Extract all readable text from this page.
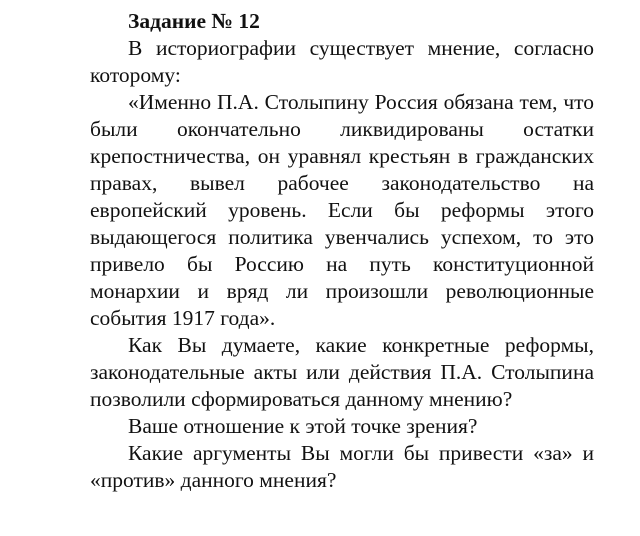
Задание № 12

В историографии существует мнение, согласно которому:

«Именно П.А. Столыпину Россия обязана тем, что были окончательно ликвидированы остатки крепостничества, он уравнял крестьян в гражданских правах, вывел рабочее законодательство на европейский уровень. Если бы реформы этого выдающегося политика увенчались успехом, то это привело бы Россию на путь конституционной монархии и вряд ли произошли революционные события 1917 года».

Как Вы думаете, какие конкретные реформы, законодательные акты или действия П.А. Столыпина позволили сформироваться данному мнению?

Ваше отношение к этой точке зрения?

Какие аргументы Вы могли бы привести «за» и «против» данного мнения?
